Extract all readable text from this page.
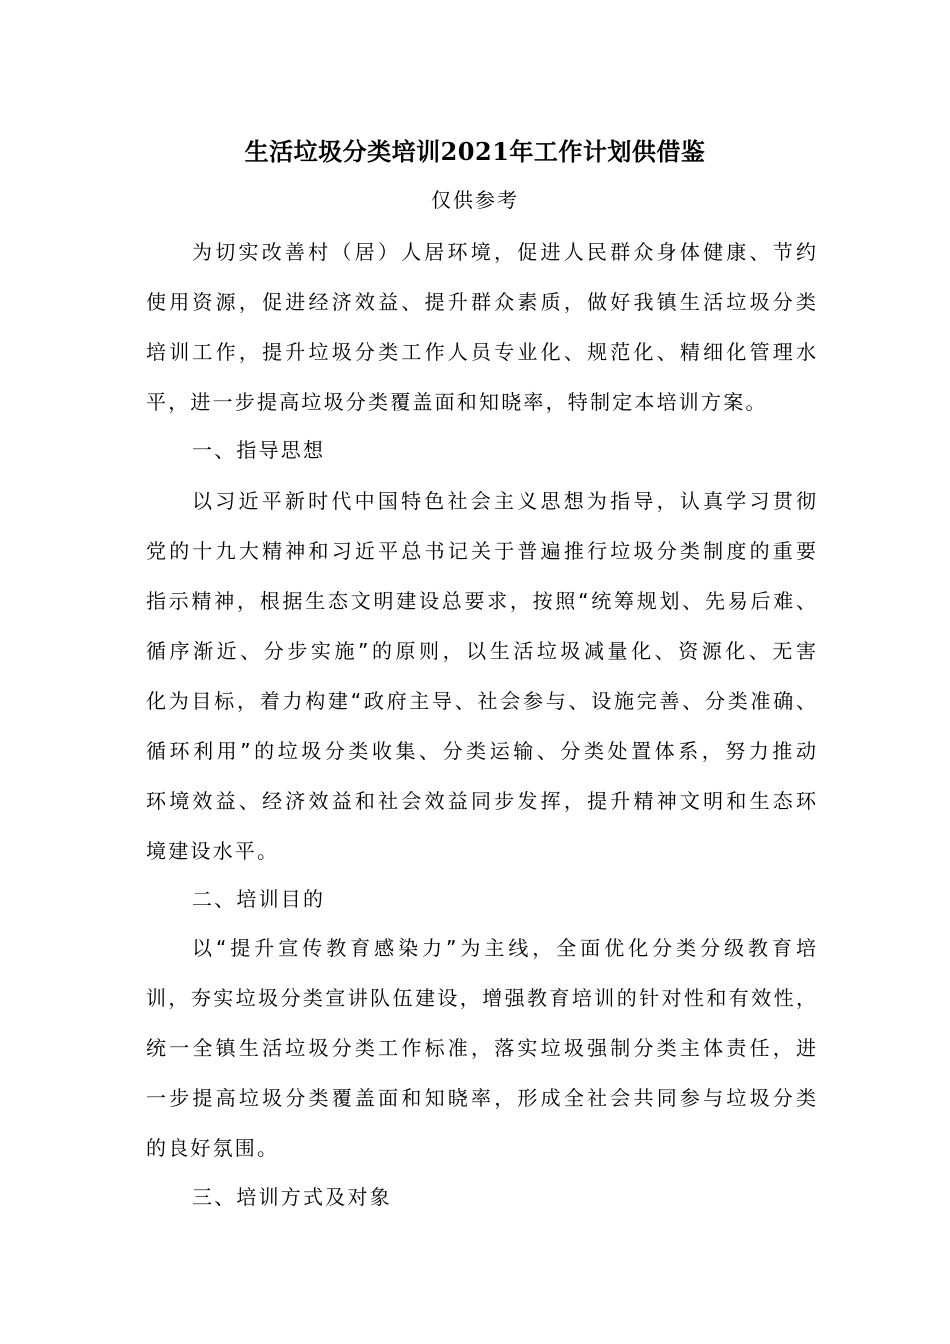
生活垃圾分类培训2021年工作计划供借鉴
仅供参考
为切实改善村（居）人居环境，促进人民群众身体健康、节约
使用资源，促进经济效益、提升群众素质，做好我镇生活垃圾分类
培训工作，提升垃圾分类工作人员专业化、规范化、精细化管理水
平，进一步提高垃圾分类覆盖面和知晓率，特制定本培训方案。
一、指导思想
以习近平新时代中国特色社会主义思想为指导，认真学习贯彻
党的十九大精神和习近平总书记关于普遍推行垃圾分类制度的重要
指示精神，根据生态文明建设总要求，按照“统筹规划、先易后难、
循序渐近、分步实施”的原则，以生活垃圾减量化、资源化、无害
化为目标，着力构建“政府主导、社会参与、设施完善、分类准确、
循环利用”的垃圾分类收集、分类运输、分类处置体系，努力推动
环境效益、经济效益和社会效益同步发挥，提升精神文明和生态环
境建设水平。
二、培训目的
以“提升宣传教育感染力”为主线，全面优化分类分级教育培
训，夯实垃圾分类宣讲队伍建设，增强教育培训的针对性和有效性，
统一全镇生活垃圾分类工作标准，落实垃圾强制分类主体责任，进
一步提高垃圾分类覆盖面和知晓率，形成全社会共同参与垃圾分类
的良好氛围。
三、培训方式及对象
